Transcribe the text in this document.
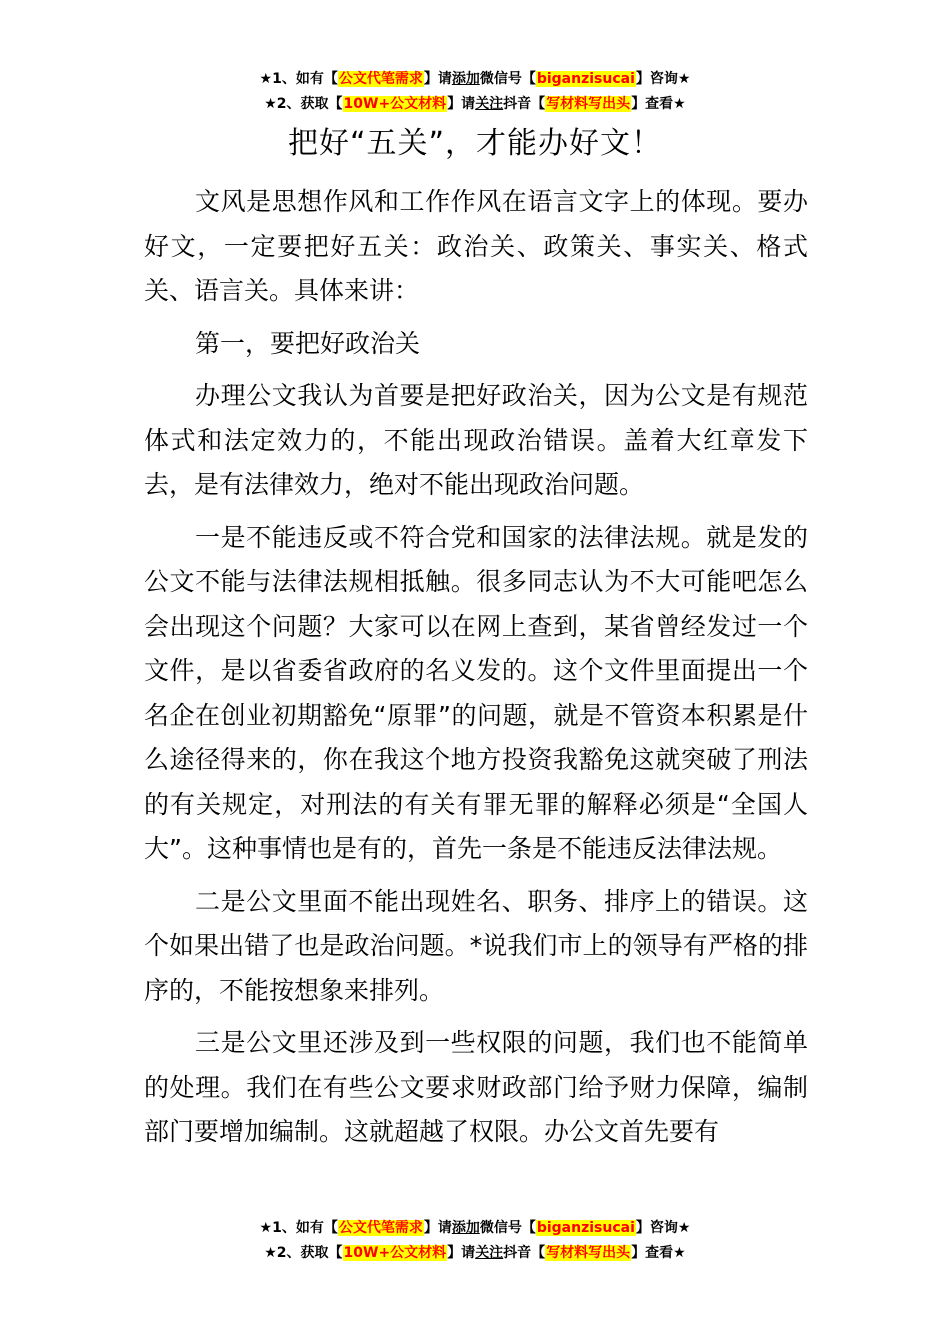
★1、如有【公文代笔需求】请添加微信号【biganzisucai】咨询★
★2、获取【10W+公文材料】请关注抖音【写材料写出头】查看★
把好“五关”，才能办好文！

文风是思想作风和工作作风在语言文字上的体现。要办好文，一定要把好五关：政治关、政策关、事实关、格式关、语言关。具体来讲：

第一，要把好政治关

办理公文我认为首要是把好政治关，因为公文是有规范体式和法定效力的，不能出现政治错误。盖着大红章发下去，是有法律效力，绝对不能出现政治问题。

一是不能违反或不符合党和国家的法律法规。就是发的公文不能与法律法规相抵触。很多同志认为不大可能吧怎么会出现这个问题？大家可以在网上查到，某省曾经发过一个文件，是以省委省政府的名义发的。这个文件里面提出一个名企在创业初期豁免“原罪”的问题，就是不管资本积累是什么途径得来的，你在我这个地方投资我豁免这就突破了刑法的有关规定，对刑法的有关有罪无罪的解释必须是“全国人大”。这种事情也是有的，首先一条是不能违反法律法规。

二是公文里面不能出现姓名、职务、排序上的错误。这个如果出错了也是政治问题。*说我们市上的领导有严格的排序的，不能按想象来排列。

三是公文里还涉及到一些权限的问题，我们也不能简单的处理。我们在有些公文要求财政部门给予财力保障，编制部门要增加编制。这就超越了权限。办公文首先要有

★1、如有【公文代笔需求】请添加微信号【biganzisucai】咨询★
★2、获取【10W+公文材料】请关注抖音【写材料写出头】查看★
